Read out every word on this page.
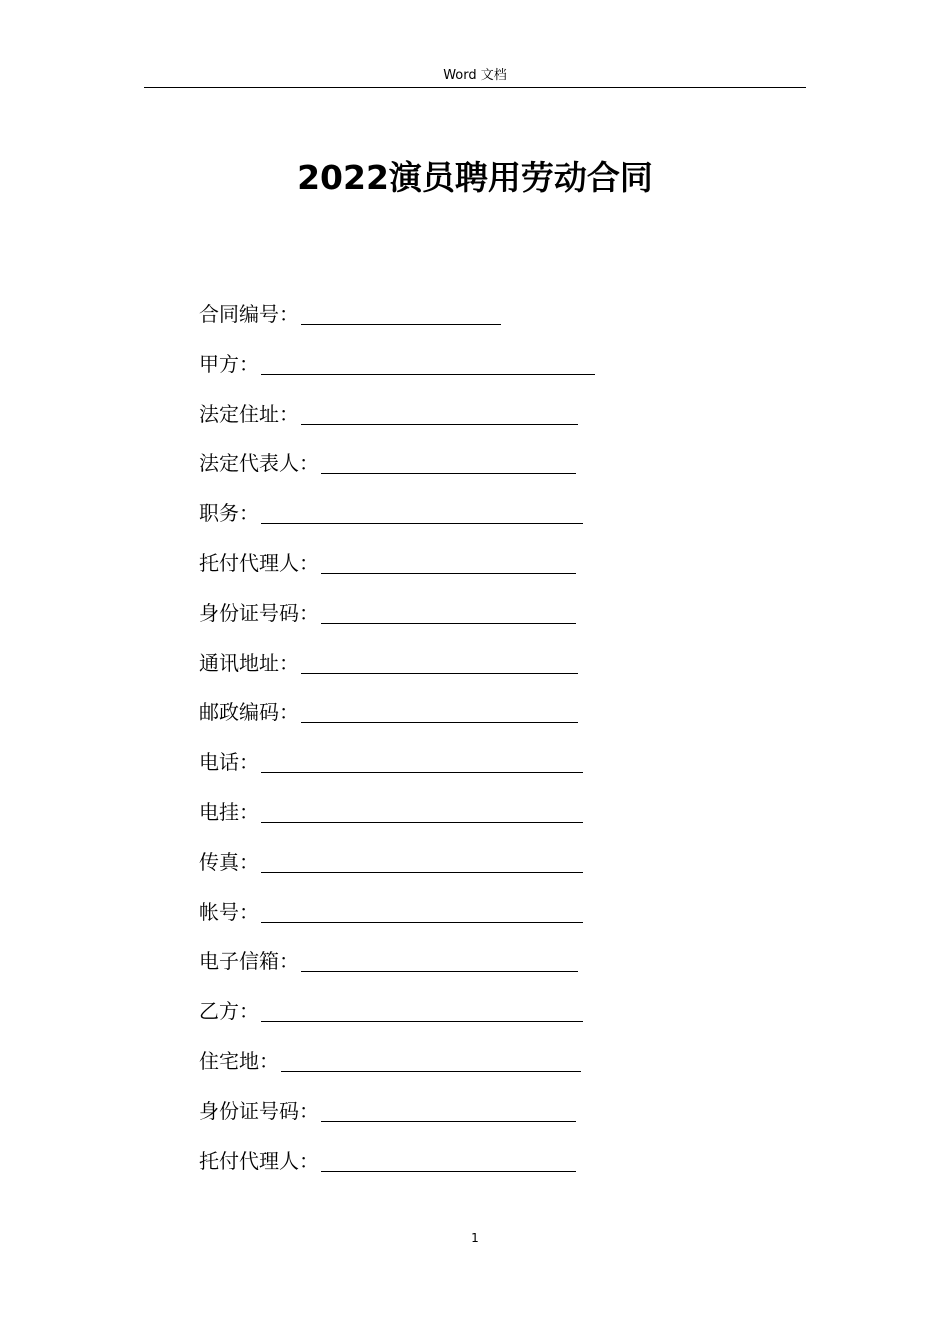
Word 文档
2022演员聘用劳动合同
合同编号：
甲方：
法定住址：
法定代表人：
职务：
托付代理人：
身份证号码：
通讯地址：
邮政编码：
电话：
电挂：
传真：
帐号：
电子信箱：
乙方：
住宅地：
身份证号码：
托付代理人：
1
